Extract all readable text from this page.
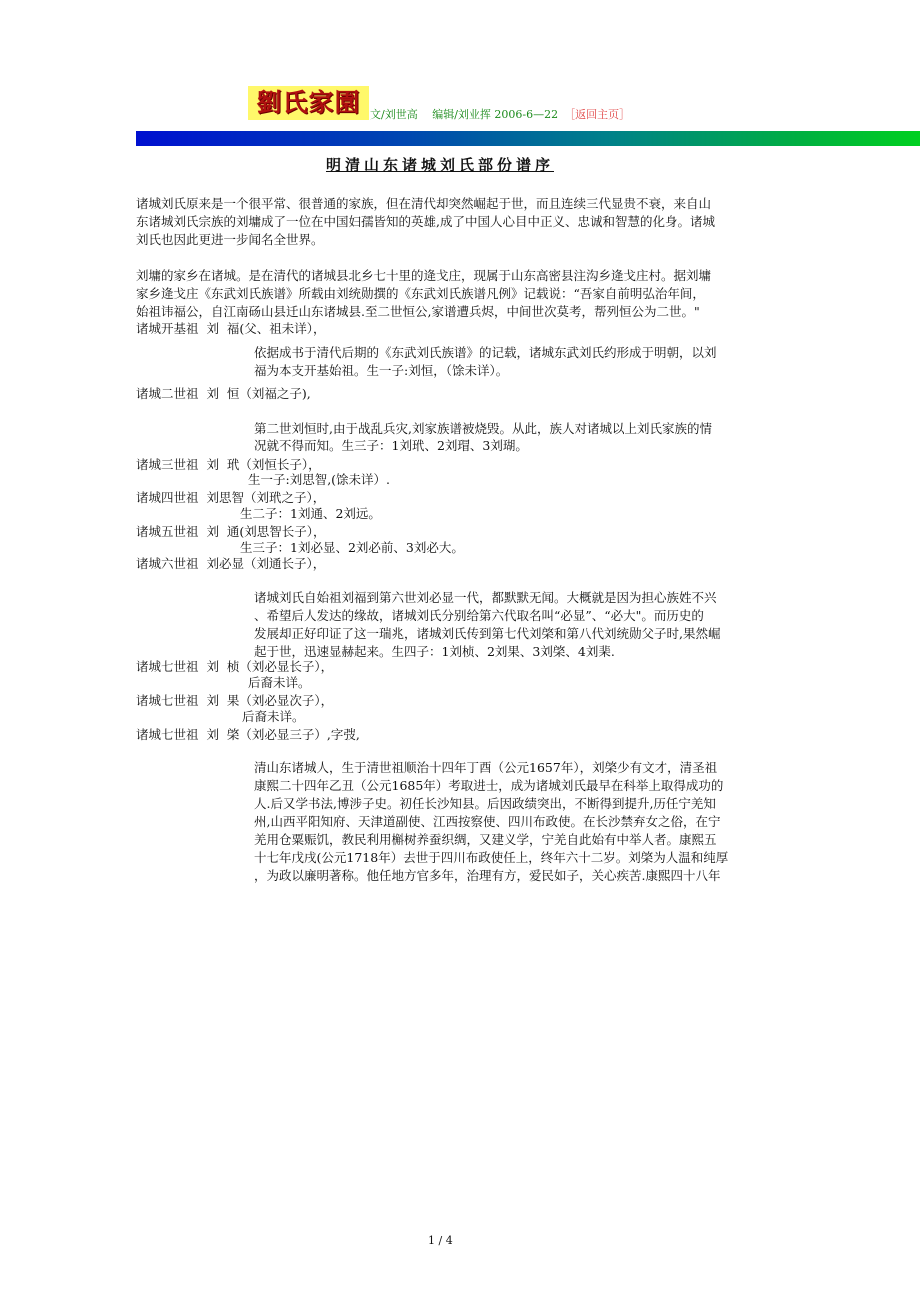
劉氏家園 文/刘世高　 编辑/刘业挥 2006-6—22 ［返回主页］
明清山东诸城刘氏部份谱序
诸城刘氏原来是一个很平常、很普通的家族，但在清代却突然崛起于世，而且连续三代显贵不衰，来自山
东诸城刘氏宗族的刘墉成了一位在中国妇孺皆知的英雄,成了中国人心目中正义、忠诚和智慧的化身。诸城
刘氏也因此更进一步闻名全世界。
刘墉的家乡在诸城。是在清代的诸城县北乡七十里的逄戈庄，现属于山东高密县注沟乡逄戈庄村。据刘墉
家乡逄戈庄《东武刘氏族谱》所载由刘统勋撰的《东武刘氏族谱凡例》记载说：“吾家自前明弘治年间，
始祖讳福公，自江南砀山县迁山东诸城县.至二世恒公,家谱遭兵烬，中间世次莫考，帮列恒公为二世。"
诸城开基祖  刘  福(父、祖未详），
依据成书于清代后期的《东武刘氏族谱》的记载，诸城东武刘氏约形成于明朝，以刘
福为本支开基始祖。生一子:刘恒，（馀未详）。
诸城二世祖  刘  恒（刘福之子),
第二世刘恒时,由于战乱兵灾,刘家族谱被烧毁。从此，族人对诸城以上刘氏家族的情
况就不得而知。生三子：1刘玳、2刘瑁、3刘瑚。
诸城三世祖  刘  玳（刘恒长子），
生一子:刘思智,(馀未详）.
诸城四世祖  刘思智（刘玳之子），
生二子：1刘通、2刘远。
诸城五世祖  刘  通(刘思智长子），
生三子：1刘必显、2刘必前、3刘必大。
诸城六世祖  刘必显（刘通长子），
诸城刘氏自始祖刘福到第六世刘必显一代，都默默无闻。大概就是因为担心族姓不兴
、希望后人发达的缘故，诸城刘氏分别给第六代取名叫“必显”、“必大"。而历史的
发展却正好印证了这一瑞兆，诸城刘氏传到第七代刘棨和第八代刘统勋父子时,果然崛
起于世，迅速显赫起来。生四子：1刘桢、2刘果、3刘棨、4刘棐.
诸城七世祖  刘  桢（刘必显长子），
后裔未详。
诸城七世祖  刘  果（刘必显次子），
后裔未详。
诸城七世祖  刘  棨（刘必显三子）,字弢,
清山东诸城人，生于清世祖顺治十四年丁酉（公元1657年），刘棨少有文才，清圣祖
康熙二十四年乙丑（公元1685年）考取进士，成为诸城刘氏最早在科举上取得成功的
人.后又学书法,博涉子史。初任长沙知县。后因政绩突出，不断得到提升,历任宁羌知
州,山西平阳知府、天津道副使、江西按察使、四川布政使。在长沙禁弃女之俗，在宁
羌用仓粟赈饥，教民利用槲树养蚕织绸，又建义学，宁羌自此始有中举人者。康熙五
十七年戊戌(公元1718年）去世于四川布政使任上，终年六十二岁。刘棨为人温和纯厚
，为政以廉明著称。他任地方官多年，治理有方，爱民如子，关心疾苦.康熙四十八年
1 / 4
